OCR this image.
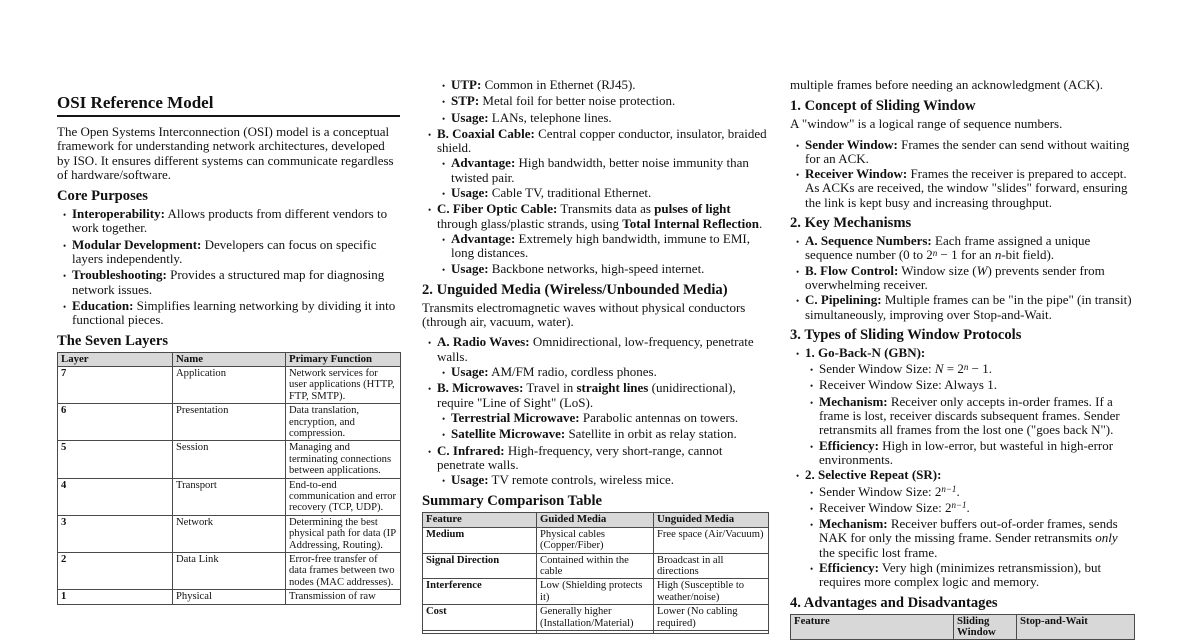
OSI Reference Model

The Open Systems Interconnection (OSI) model is a conceptual framework for understanding network architectures, developed by ISO. It ensures different systems can communicate regardless of hardware/software.

Core Purposes
• Interoperability: Allows products from different vendors to work together.
• Modular Development: Developers can focus on specific layers independently.
• Troubleshooting: Provides a structured map for diagnosing network issues.
• Education: Simplifies learning networking by dividing it into functional pieces.
The Seven Layers
Layer	Name	Primary Function
7	Application	Network services for user applications (HTTP, FTP, SMTP).
6	Presentation	Data translation, encryption, and compression.
5	Session	Managing and terminating connections between applications.
4	Transport	End-to-end communication and error recovery (TCP, UDP).
3	Network	Determining the best physical path for data (IP Addressing, Routing).
2	Data Link	Error-free transfer of data frames between two nodes (MAC addresses).
1	Physical	Transmission of raw
• UTP: Common in Ethernet (RJ45).
• STP: Metal foil for better noise protection.
• Usage: LANs, telephone lines.
• B. Coaxial Cable: Central copper conductor, insulator, braided shield.
• Advantage: High bandwidth, better noise immunity than twisted pair.
• Usage: Cable TV, traditional Ethernet.
• C. Fiber Optic Cable: Transmits data as pulses of light through glass/plastic strands, using Total Internal Reflection.
• Advantage: Extremely high bandwidth, immune to EMI, long distances.
• Usage: Backbone networks, high-speed internet.
2. Unguided Media (Wireless/Unbounded Media)

Transmits electromagnetic waves without physical conductors (through air, vacuum, water).

• A. Radio Waves: Omnidirectional, low-frequency, penetrate walls.
• Usage: AM/FM radio, cordless phones.
• B. Microwaves: Travel in straight lines (unidirectional), require "Line of Sight" (LoS).
• Terrestrial Microwave: Parabolic antennas on towers.
• Satellite Microwave: Satellite in orbit as relay station.
• C. Infrared: High-frequency, very short-range, cannot penetrate walls.
• Usage: TV remote controls, wireless mice.
Summary Comparison Table
Feature	Guided Media	Unguided Media
Medium	Physical cables (Copper/Fiber)	Free space (Air/Vacuum)
Signal Direction	Contained within the cable	Broadcast in all directions
Interference	Low (Shielding protects it)	High (Susceptible to weather/noise)
Cost	Generally higher (Installation/Material)	Lower (No cabling required)

multiple frames before needing an acknowledgment (ACK).

1. Concept of Sliding Window

A "window" is a logical range of sequence numbers.

• Sender Window: Frames the sender can send without waiting for an ACK.
• Receiver Window: Frames the receiver is prepared to accept. As ACKs are received, the window "slides" forward, ensuring the link is kept busy and increasing throughput.
2. Key Mechanisms
• A. Sequence Numbers: Each frame assigned a unique sequence number (0 to $2^n - 1$ for an n-bit field).
• B. Flow Control: Window size (W) prevents sender from overwhelming receiver.
• C. Pipelining: Multiple frames can be "in the pipe" (in transit) simultaneously, improving over Stop-and-Wait.
3. Types of Sliding Window Protocols
• 1. Go-Back-N (GBN):
• Sender Window Size: $N = 2^n - 1$.
• Receiver Window Size: Always 1.
• Mechanism: Receiver only accepts in-order frames. If a frame is lost, receiver discards subsequent frames. Sender retransmits all frames from the lost one ("goes back N").
• Efficiency: High in low-error, but wasteful in high-error environments.
• 2. Selective Repeat (SR):
• Sender Window Size: $2^{n-1}$.
• Receiver Window Size: $2^{n-1}$.
• Mechanism: Receiver buffers out-of-order frames, sends NAK for only the missing frame. Sender retransmits only the specific lost frame.
• Efficiency: Very high (minimizes retransmission), but requires more complex logic and memory.
4. Advantages and Disadvantages
Feature	Sliding Window	Stop-and-Wait
